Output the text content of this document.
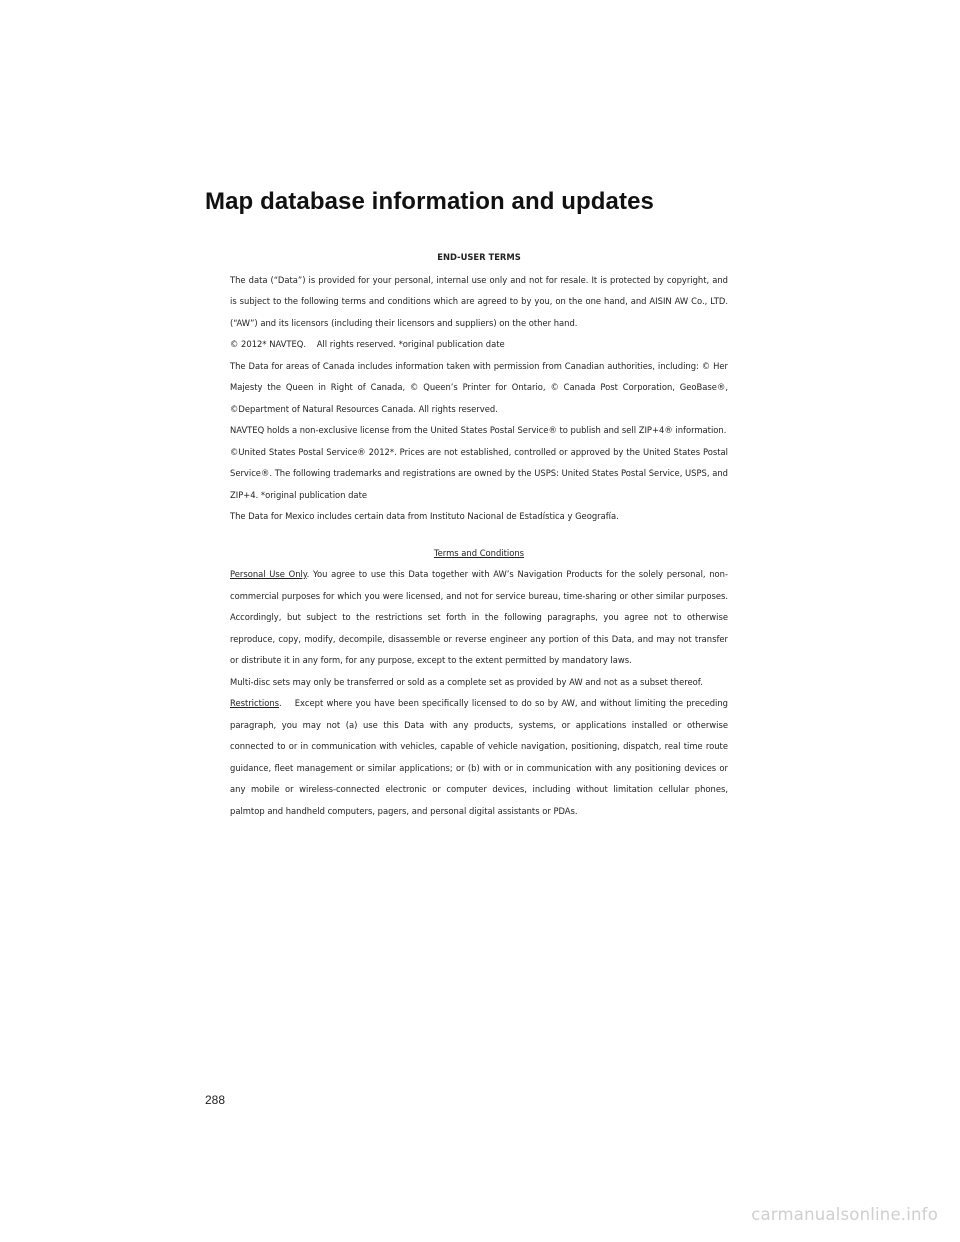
Map database information and updates
END-USER TERMS

The data (“Data”) is provided for your personal, internal use only and not for resale. It is protected by copyright, and is subject to the following terms and conditions which are agreed to by you, on the one hand, and AISIN AW Co., LTD. (“AW”) and its licensors (including their licensors and suppliers) on the other hand.

© 2012* NAVTEQ.    All rights reserved. *original publication date

The Data for areas of Canada includes information taken with permission from Canadian authorities, including: © Her Majesty the Queen in Right of Canada, © Queen’s Printer for Ontario, © Canada Post Corporation, GeoBase®, ©Department of Natural Resources Canada. All rights reserved.

NAVTEQ holds a non-exclusive license from the United States Postal Service® to publish and sell ZIP+4® information.

©United States Postal Service® 2012*. Prices are not established, controlled or approved by the United States Postal Service®. The following trademarks and registrations are owned by the USPS: United States Postal Service, USPS, and ZIP+4. *original publication date

The Data for Mexico includes certain data from Instituto Nacional de Estadística y Geografía.

Terms and Conditions

Personal Use Only. You agree to use this Data together with AW’s Navigation Products for the solely personal, non-commercial purposes for which you were licensed, and not for service bureau, time-sharing or other similar purposes. Accordingly, but subject to the restrictions set forth in the following paragraphs, you agree not to otherwise reproduce, copy, modify, decompile, disassemble or reverse engineer any portion of this Data, and may not transfer or distribute it in any form, for any purpose, except to the extent permitted by mandatory laws.

Multi-disc sets may only be transferred or sold as a complete set as provided by AW and not as a subset thereof.

Restrictions.    Except where you have been specifically licensed to do so by AW, and without limiting the preceding paragraph, you may not (a) use this Data with any products, systems, or applications installed or otherwise connected to or in communication with vehicles, capable of vehicle navigation, positioning, dispatch, real time route guidance, fleet management or similar applications; or (b) with or in communication with any positioning devices or any mobile or wireless-connected electronic or computer devices, including without limitation cellular phones, palmtop and handheld computers, pagers, and personal digital assistants or PDAs.

288
carmanualsonline.info
